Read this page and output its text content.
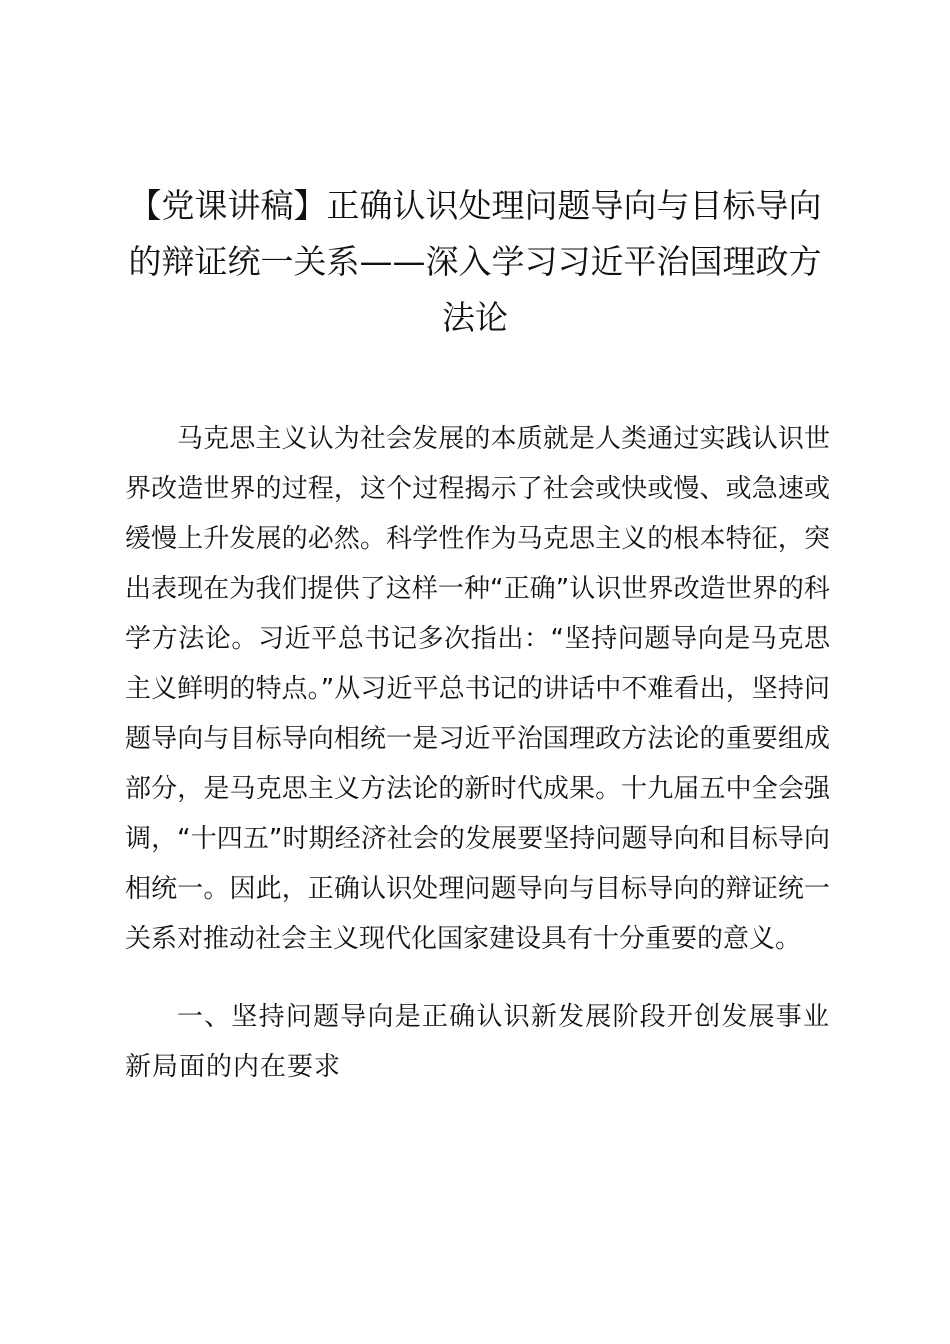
【党课讲稿】正确认识处理问题导向与目标导向的辩证统一关系——深入学习习近平治国理政方法论

马克思主义认为社会发展的本质就是人类通过实践认识世界改造世界的过程，这个过程揭示了社会或快或慢、或急速或缓慢上升发展的必然。科学性作为马克思主义的根本特征，突出表现在为我们提供了这样一种“正确”认识世界改造世界的科学方法论。习近平总书记多次指出：“坚持问题导向是马克思主义鲜明的特点。”从习近平总书记的讲话中不难看出，坚持问题导向与目标导向相统一是习近平治国理政方法论的重要组成部分，是马克思主义方法论的新时代成果。十九届五中全会强调，“十四五”时期经济社会的发展要坚持问题导向和目标导向相统一。因此，正确认识处理问题导向与目标导向的辩证统一关系对推动社会主义现代化国家建设具有十分重要的意义。

一、坚持问题导向是正确认识新发展阶段开创发展事业新局面的内在要求
